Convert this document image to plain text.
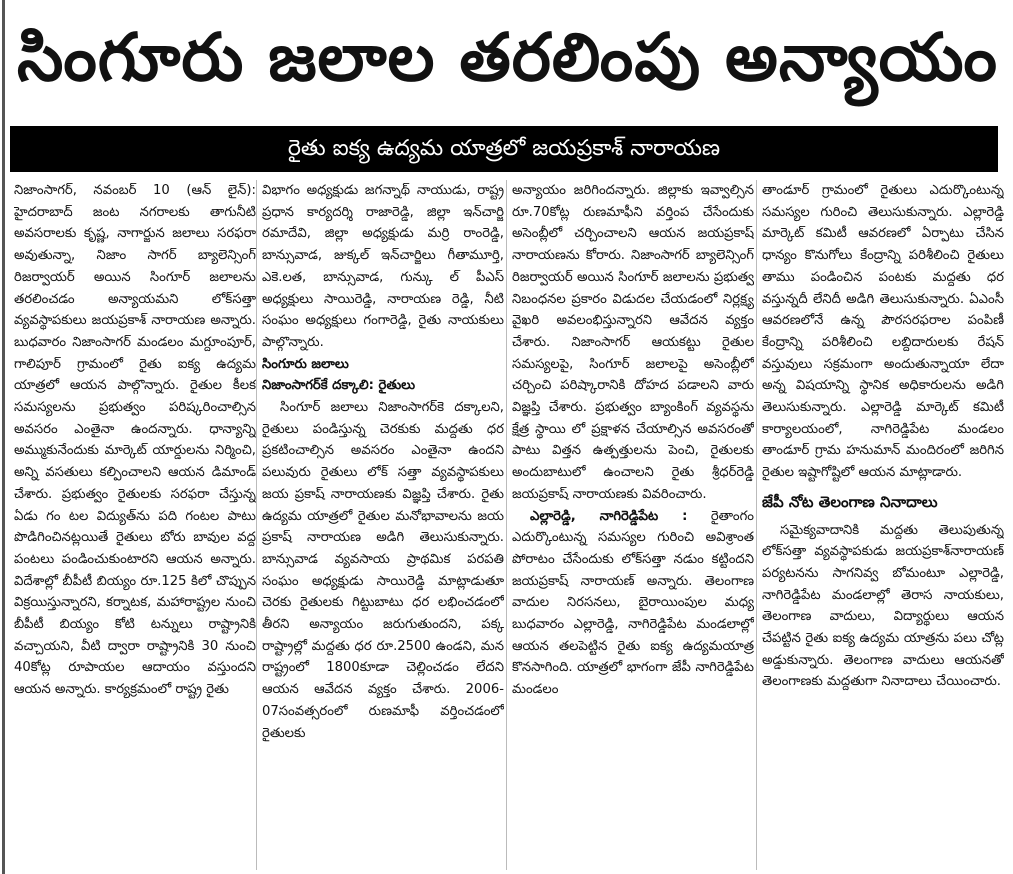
సింగూరు జలాల తరలింపు అన్యాయం
రైతు ఐక్య ఉద్యమ యాత్రలో జయప్రకాశ్ నారాయణ

నిజాంసాగర్, నవంబర్ 10 (ఆన్ లైన్): హైదరాబాద్ జంట నగరాలకు తాగునీటి అవసరాలకు కృష్ణ, నాగార్జున జలాలు సరఫరా అవుతున్నా, నిజాం సాగర్ బ్యాలెన్సింగ్ రిజర్వాయర్ అయిన సింగూర్ జలాలను తరలించడం అన్యాయమని లోక్‌సత్తా వ్యవస్థాపకులు జయప్రకాశ్ నారాయణ అన్నారు. బుధవారం నిజాంసాగర్ మండలం మగ్దూంపూర్, గాలిపూర్ గ్రామంలో రైతు ఐక్య ఉద్యమ యాత్రలో ఆయన పాల్గొన్నారు. రైతుల కీలక సమస్యలను ప్రభుత్వం పరిష్కరించాల్సిన అవసరం ఎంతైనా ఉందన్నారు. ధాన్యాన్ని అమ్ముకునేందుకు మార్కెట్ యార్డులను నిర్మించి, అన్ని వసతులు కల్పించాలని ఆయన డిమాండ్ చేశారు. ప్రభుత్వం రైతులకు సరఫరా చేస్తున్న ఏడు గం టల విద్యుత్‌ను పది గంటల పాటు పొడిగించినట్లయితే రైతులు బోరు బావుల వద్ద పంటలు పండించుకుంటారని ఆయన అన్నారు. విదేశాల్లో బీపీటీ బియ్యం రూ.125 కిలో చొప్పున విక్రయిస్తున్నారని, కర్నాటక, మహారాష్ట్రల నుంచి బీపీటీ బియ్యం కోటి టన్నులు రాష్ట్రానికి వచ్చాయని, వీటి ద్వారా రాష్ట్రానికి 30 నుంచి 40కోట్ల రూపాయల ఆదాయం వస్తుందని ఆయన అన్నారు. కార్యక్రమంలో రాష్ట్ర రైతు

విభాగం అధ్యక్షుడు జగన్నాథ్ నాయుడు, రాష్ట్ర ప్రధాన కార్యదర్శి రాజారెడ్డి, జిల్లా ఇన్‌చార్జి రమాదేవి, జిల్లా అధ్యక్షుడు మర్రి రాంరెడ్డి, బాన్సువాడ, జుక్కల్ ఇన్‌చార్జిలు గీతామూర్తి, ఎకె.లత, బాన్సువాడ, గున్కు ల్ పీఎస్ అధ్యక్షులు సాయిరెడ్డి, నారాయణ రెడ్డి, నీటి సంఘం అధ్యక్షులు గంగారెడ్డి, రైతు నాయకులు పాల్గొన్నారు.

సింగూరు జలాలు

నిజాంసాగర్‌కే దక్కాలి: రైతులు

సింగూర్ జలాలు నిజాంసాగర్‌కె దక్కాలని, రైతులు పండిస్తున్న చెరకుకు మద్దతు ధర ప్రకటించాల్సిన అవసరం ఎంతైనా ఉందని పలువురు రైతులు లోక్ సత్తా వ్యవస్థాపకులు జయ ప్రకాష్ నారాయణకు విజ్ఞప్తి చేశారు. రైతు ఉద్యమ యాత్రలో రైతుల మనోభావాలను జయ ప్రకాష్ నారాయణ అడిగి తెలుసుకున్నారు. బాన్సువాడ వ్యవసాయ ప్రాథమిక పరపతి సంఘం అధ్యక్షుడు సాయిరెడ్డి మాట్లాడుతూ చెరకు రైతులకు గిట్టుబాటు ధర లభించడంలో తీరని అన్యాయం జరుగుతుందని, పక్క రాష్ట్రాల్లో మద్దతు ధర రూ.2500 ఉండని, మన రాష్ట్రంలో 1800కూడా చెల్లించడం లేదని ఆయన ఆవేదన వ్యక్తం చేశారు. 2006-07సంవత్సరంలో రుణమాఫీ వర్తించడంలో రైతులకు

అన్యాయం జరిగిందన్నారు. జిల్లాకు ఇవ్వాల్సిన రూ.70కోట్ల రుణమాఫీని వర్తింప చేసేందుకు అసెంబ్లీలో చర్చించాలని ఆయన జయప్రకాష్ నారాయణను కోరారు. నిజాంసాగర్ బ్యాలెన్సింగ్ రిజర్వాయర్ అయిన సింగూర్ జలాలను ప్రభుత్వ నిబంధనల ప్రకారం విడుదల చేయడంలో నిర్లక్ష్య వైఖరి అవలంభిస్తున్నారని ఆవేదన వ్యక్తం చేశారు. నిజాంసాగర్ ఆయకట్టు రైతుల సమస్యలపై, సింగూర్ జలాలపై అసెంబ్లీలో చర్చించి పరిష్కారానికి దోహద పడాలని వారు విజ్ఞప్తి చేశారు. ప్రభుత్వం బ్యాంకింగ్ వ్యవస్థను క్షేత్ర స్థాయి లో ప్రక్షాళన చేయాల్సిన అవసరంతో పాటు విత్తన ఉత్పత్తులను పెంచి, రైతులకు అందుబాటులో ఉంచాలని రైతు శ్రీధర్‌రెడ్డి జయప్రకాష్ నారాయణకు వివరించారు.

ఎల్లారెడ్డి, నాగిరెడ్డిపేట : రైతాంగం ఎదుర్కొంటున్న సమస్యల గురించి అవిశ్రాంత పోరాటం చేసేందుకు లోక్‌సత్తా నడుం కట్టిందని జయప్రకాష్ నారాయణ్ అన్నారు. తెలంగాణ వాదుల నిరసనలు, బైరాయింపుల మధ్య బుధవారం ఎల్లారెడ్డి, నాగిరెడ్డిపేట మండలాల్లో ఆయన తలపెట్టిన రైతు ఐక్య ఉద్యమయాత్ర కొనసాగింది. యాత్రలో భాగంగా జేపీ నాగిరెడ్డిపేట మండలం

తాండూర్ గ్రామంలో రైతులు ఎదుర్కొంటున్న సమస్యల గురించి తెలుసుకున్నారు. ఎల్లారెడ్డి మార్కెట్ కమిటీ ఆవరణలో ఏర్పాటు చేసిన ధాన్యం కొనుగోలు కేంద్రాన్ని పరిశీలించి రైతులు తాము పండించిన పంటకు మద్దతు ధర వస్తున్నదీ లేనిదీ అడిగి తెలుసుకున్నారు. ఏఎంసీ ఆవరణలోనే ఉన్న పౌరసరఫరాల పంపిణీ కేంద్రాన్ని పరిశీలించి లబ్దిదారులకు రేషన్ వస్తువులు సక్రమంగా అందుతున్నాయా లేదా అన్న విషయాన్ని స్థానిక అధికారులను అడిగి తెలుసుకున్నారు. ఎల్లారెడ్డి మార్కెట్ కమిటీ కార్యాలయంలో, నాగిరెడ్డిపేట మండలం తాండూర్ గ్రామ హనుమాన్ మందిరంలో జరిగిన రైతుల ఇష్టాగోష్టిలో ఆయన మాట్లాడారు.

జేపీ నోట తెలంగాణ నినాదాలు

సమైక్యవాదానికి మద్దతు తెలుపుతున్న లోక్‌సత్తా వ్యవస్థాపకుడు జయప్రకాశ్‌నారాయణ్ పర్యటనను సాగనివ్వ బోమంటూ ఎల్లారెడ్డి, నాగిరెడ్డిపేట మండలాల్లో తెరాస నాయకులు, తెలంగాణ వాదులు, విద్యార్థులు ఆయన చేపట్టిన రైతు ఐక్య ఉద్యమ యాత్రను పలు చోట్ల అడ్డుకున్నారు. తెలంగాణ వాదులు ఆయనతో తెలంగాణకు మద్దతుగా నినాదాలు చేయించారు.
